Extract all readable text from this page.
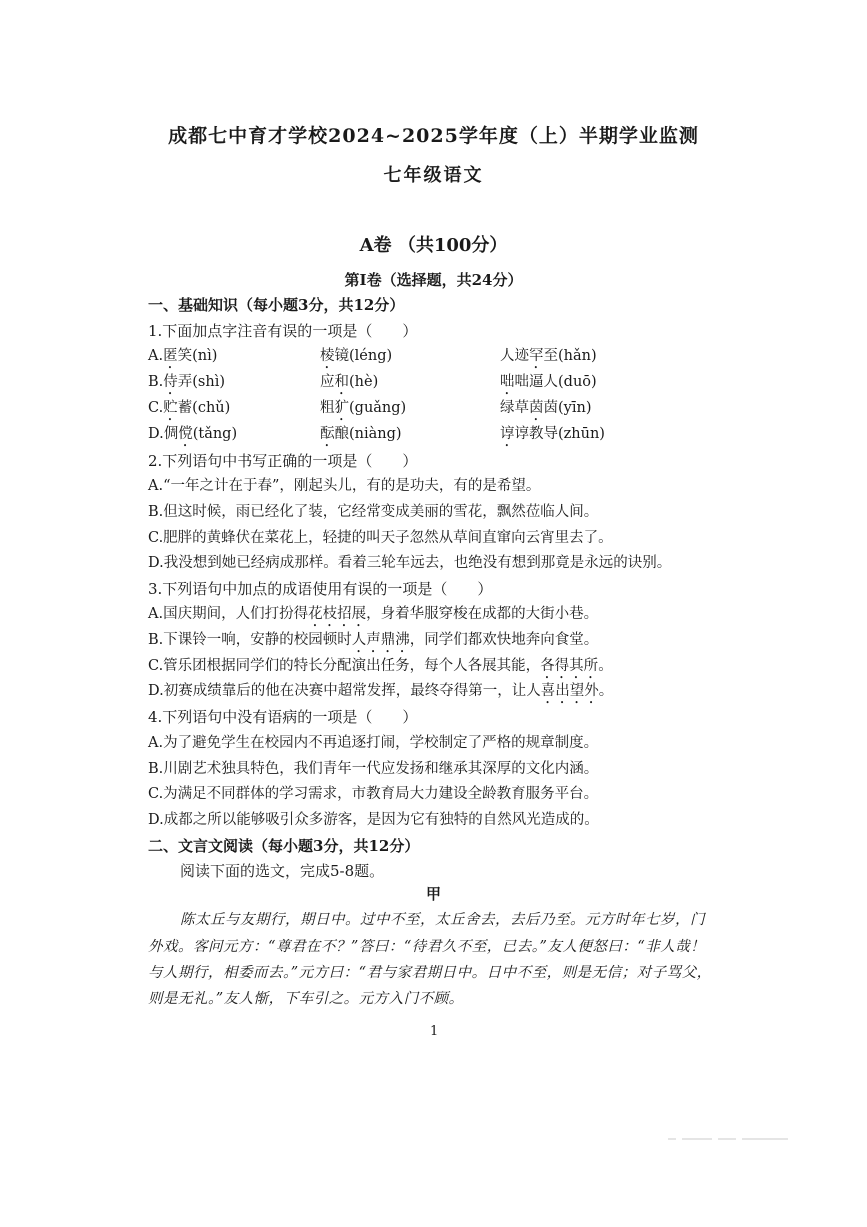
成都七中育才学校2024~2025学年度（上）半期学业监测
七年级语文
A卷 （共100分）
第Ⅰ卷（选择题，共24分）
一、基础知识（每小题3分，共12分）
1.下面加点字注音有误的一项是（　　）
A.匿笑(nì)	棱镜(léng)	人迹罕至(hǎn)
B.侍弄(shì)	应和(hè)	咄咄逼人(duō)
C.贮蓄(chǔ)	粗犷(guǎng)	绿草茵茵(yīn)
D.倜傥(tǎng)	酝酿(niàng)	谆谆教导(zhūn)
2.下列语句中书写正确的一项是（　　）
A.“一年之计在于春”，刚起头儿，有的是功夫，有的是希望。
B.但这时候，雨已经化了装，它经常变成美丽的雪花，飘然莅临人间。
C.肥胖的黄蜂伏在菜花上，轻捷的叫天子忽然从草间直窜向云宵里去了。
D.我没想到她已经病成那样。看着三轮车远去，也绝没有想到那竟是永远的诀别。
3.下列语句中加点的成语使用有误的一项是（　　）
A.国庆期间，人们打扮得花枝招展，身着华服穿梭在成都的大街小巷。
B.下课铃一响，安静的校园顿时人声鼎沸，同学们都欢快地奔向食堂。
C.管乐团根据同学们的特长分配演出任务，每个人各展其能，各得其所。
D.初赛成绩靠后的他在决赛中超常发挥，最终夺得第一，让人喜出望外。
4.下列语句中没有语病的一项是（　　）
A.为了避免学生在校园内不再追逐打闹，学校制定了严格的规章制度。
B.川剧艺术独具特色，我们青年一代应发扬和继承其深厚的文化内涵。
C.为满足不同群体的学习需求，市教育局大力建设全龄教育服务平台。
D.成都之所以能够吸引众多游客，是因为它有独特的自然风光造成的。
二、文言文阅读（每小题3分，共12分）
阅读下面的选文，完成5-8题。
甲
陈太丘与友期行，期日中。过中不至，太丘舍去，去后乃至。元方时年七岁，门
外戏。客问元方：“尊君在不？”答曰：“待君久不至，已去。”友人便怒曰：“非人哉！
与人期行，相委而去。”元方曰：“君与家君期日中。日中不至，则是无信；对子骂父，
则是无礼。”友人惭，下车引之。元方入门不顾。
1
